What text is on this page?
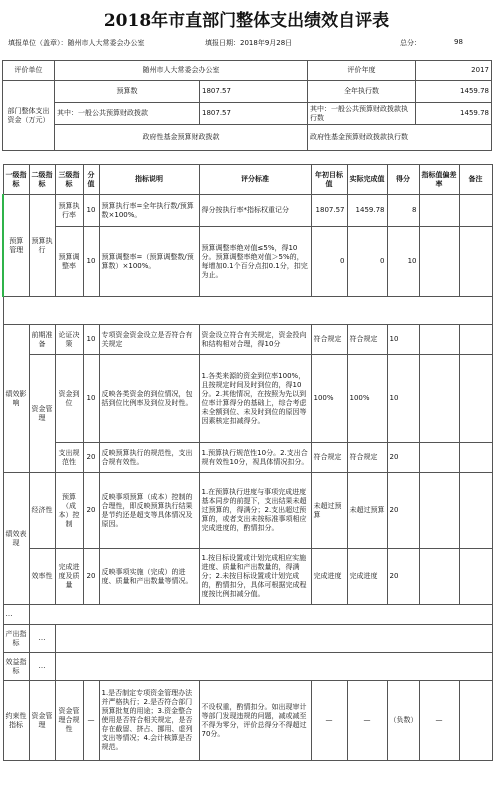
2018年市直部门整体支出绩效自评表
填报单位（盖章）：随州市人大常委会办公室	填报日期：2018年9月28日	总分：	98
评价单位	随州市人大常委会办公室		评价年度	2017
部门整体支出资金（万元）	预算数	1807.57	全年执行数	1459.78
	其中：一般公共预算财政拨款	1807.57	其中：一般公共预算财政拨款执行数	1459.78
	政府性基金预算财政拨款		政府性基金预算财政拨款执行数	
一级指标	二级指标	三级指标	分值	指标说明	评分标准	年初目标值	实际完成值	得分	指标值偏差率	备注
预算管理	预算执行	预算执行率	10	预算执行率=全年执行数/预算数×100%。	得分按执行率*指标权重记分	1807.57	1459.78	8		
		预算调整率	10	预算调整率=（预算调整数/预算数）×100%。	预算调整率绝对值≤5%，得10分。预算调整率绝对值＞5%的，每增加0.1个百分点扣0.1分，扣完为止。	0	0	10		

绩效影响	前期准备	论证决策	10	专项资金资金设立是否符合有关规定	资金设立符合有关规定，资金投向和结构相对合理，得10分	符合规定	符合规定	10		
	资金管理	资金到位	10	反映各类资金的到位情况，包括到位比例率及到位及时性。	1.各类来源的资金到位率100%，且按规定时间及时到位的，得10分。2.其他情况，在按照为先以到位率计算得分的基础上，综合考虑未全额到位、未及时到位的原因等因素核定扣减得分。	100%	100%	10		
		支出规范性	20	反映预算执行的规范性，支出合规有效性。	1.预算执行规范性10分。2.支出合规有效性10分，视具体情况扣分。	符合规定	符合规定	20		
绩效表现	经济性	预算（成本）控制	20	反映事项预算（成本）控制的合理性，即反映预算执行结果是节约还是超支等具体情况及原因。	1.在预算执行进度与事项完成进度基本同步的前提下，支出结果未超过预算的，得满分；2.支出超过预算的，或者支出未按标准事项相应完成进度的，酌情扣分。	未超过预算	未超过预算	20		
	效率性	完成进度及质量	20	反映事项实施（完成）的进度、质量和产出数量等情况。	1.按目标设置或计划完成相应实施进度、质量和产出数量的，得满分；2.未按目标设置或计划完成的，酌情扣分，具体可根据完成程度按比例扣减分值。	完成进度	完成进度	20		
…										
产出指标	…									
效益指标	…									
约束性指标	资金管理	资金管理合规性	—	1.是否制定专项资金管理办法并严格执行；2.是否符合部门预算批复的用途；3.资金整合使用是否符合相关规定，是否存在截留、挤占、挪用、虚列支出等情况；4.会计核算是否规范。	不设权重，酌情扣分。如出现审计等部门发现违规的问题，减或减至不得为零分，评价总得分不得超过70分。	—	—	（负数）	—	
